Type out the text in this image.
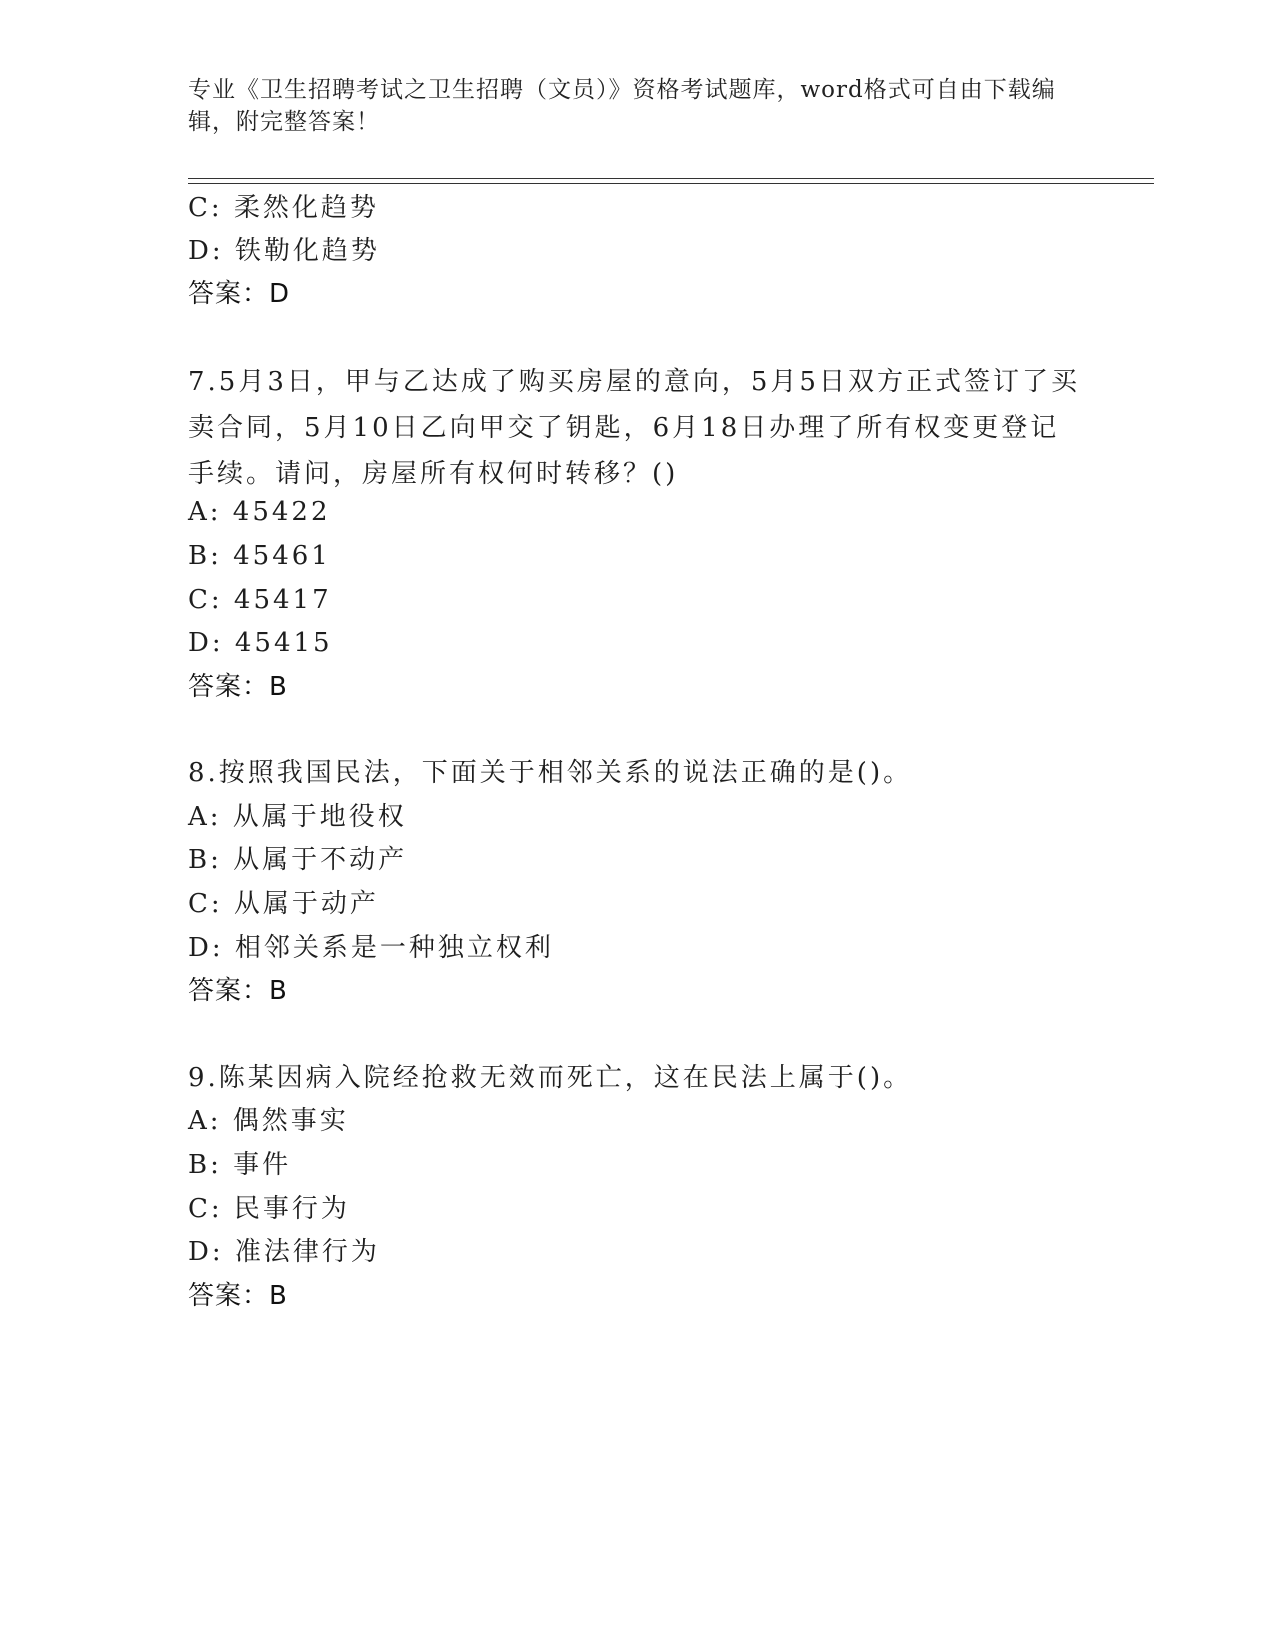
专业《卫生招聘考试之卫生招聘（文员）》资格考试题库，word格式可自由下载编辑，附完整答案！
C: 柔然化趋势
D: 铁勒化趋势
答案：D
7.5月3日，甲与乙达成了购买房屋的意向，5月5日双方正式签订了买卖合同，5月10日乙向甲交了钥匙，6月18日办理了所有权变更登记手续。请问，房屋所有权何时转移？()
A: 45422
B: 45461
C: 45417
D: 45415
答案：B
8.按照我国民法，下面关于相邻关系的说法正确的是()。
A: 从属于地役权
B: 从属于不动产
C: 从属于动产
D: 相邻关系是一种独立权利
答案：B
9.陈某因病入院经抢救无效而死亡，这在民法上属于()。
A: 偶然事实
B: 事件
C: 民事行为
D: 准法律行为
答案：B
